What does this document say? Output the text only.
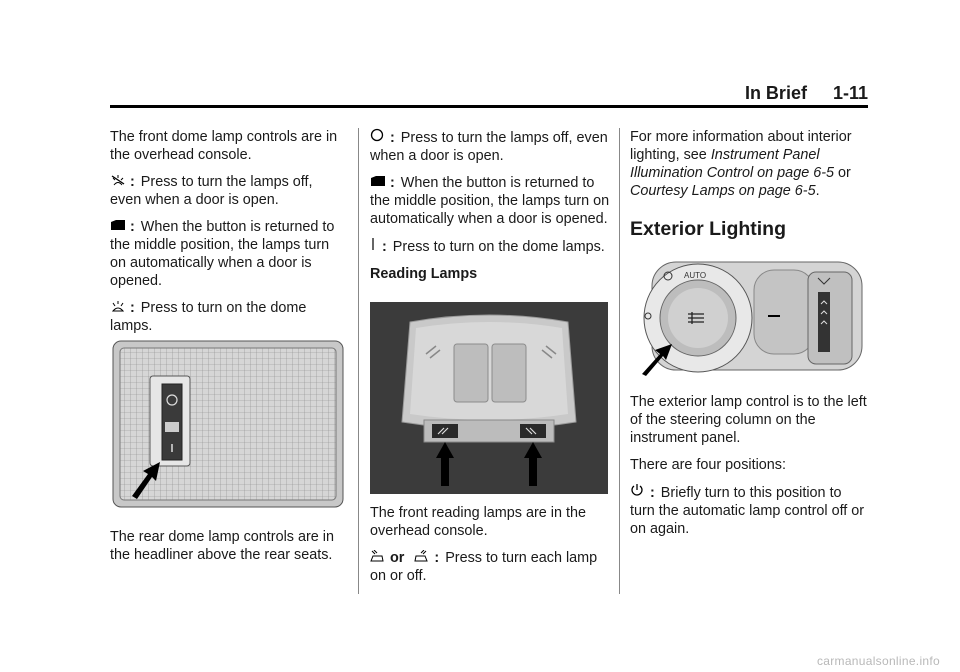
In Brief 1-11

The front dome lamp controls are in the overhead console.

: Press to turn the lamps off, even when a door is open.

: When the button is returned to the middle position, the lamps turn on automatically when a door is opened.

: Press to turn on the dome lamps.

The rear dome lamp controls are in the headliner above the rear seats.

: Press to turn the lamps off, even when a door is open.

: When the button is returned to the middle position, the lamps turn on automatically when a door is opened.

: Press to turn on the dome lamps.

Reading Lamps

The front reading lamps are in the overhead console.

or : Press to turn each lamp on or off.

For more information about interior lighting, see Instrument Panel Illumination Control on page 6-5 or Courtesy Lamps on page 6-5.

Exterior Lighting
AUTO

The exterior lamp control is to the left of the steering column on the instrument panel.

There are four positions:

: Briefly turn to this position to turn the automatic lamp control off or on again.

carmanualsonline.info
